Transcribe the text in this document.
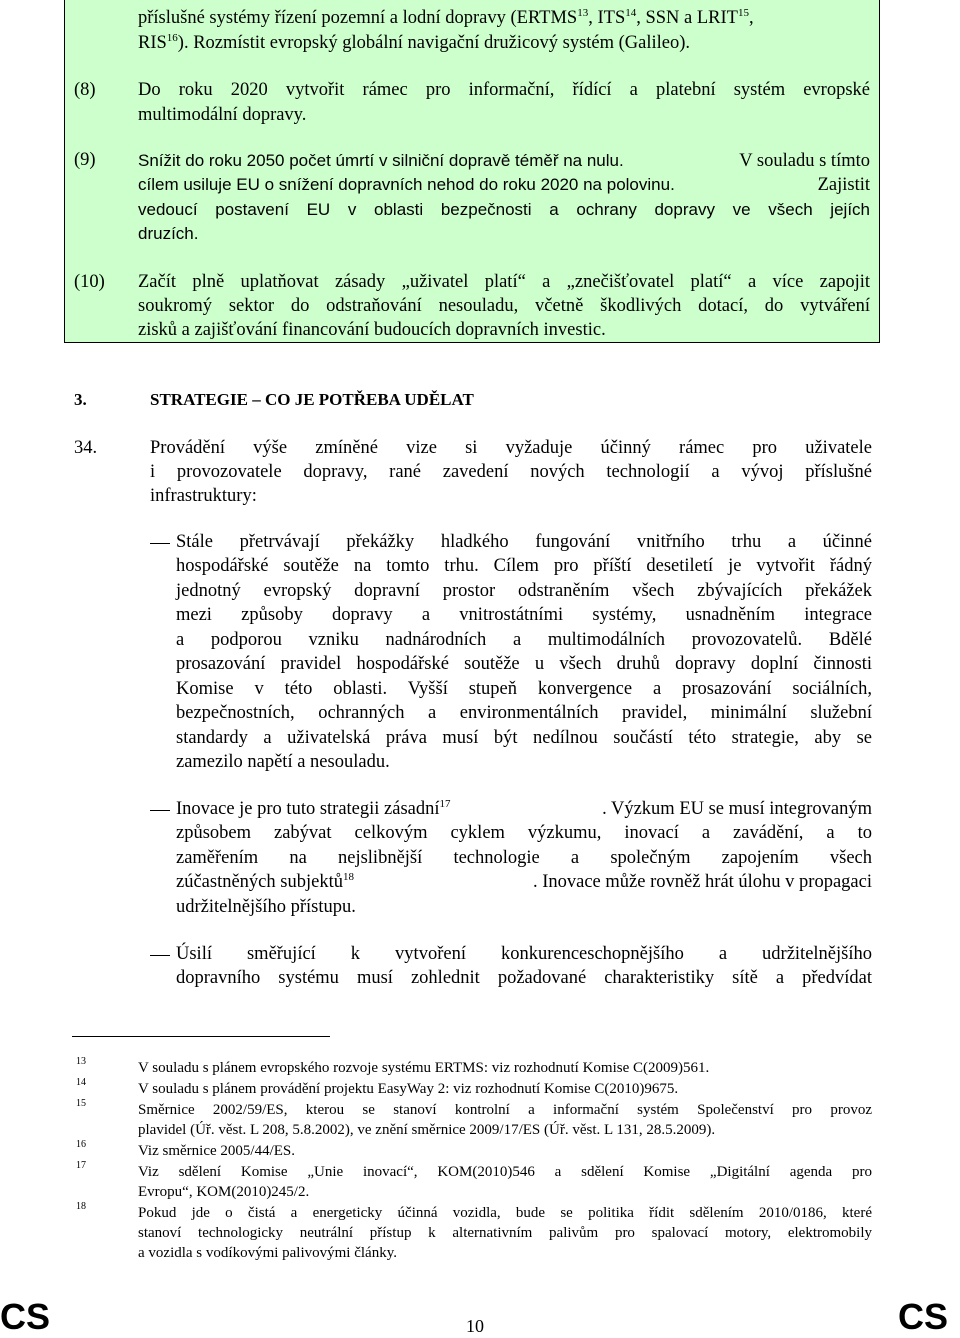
příslušné systémy řízení pozemní a lodní dopravy (ERTMS$^{13}$, ITS$^{14}$, SSN a LRIT$^{15}$,
RIS$^{16}$). Rozmístit evropský globální navigační družicový systém (Galileo).
(8) Do roku 2020 vytvořit rámec pro informační, řídící a platební systém evropské
multimodální dopravy.
(9) Snížit do roku 2050 počet úmrtí v silniční dopravě téměř na nulu.	V souladu s tímto
cílem usiluje EU o snížení dopravních nehod do roku 2020 na polovinu.	Zajistit
vedoucí postavení EU v oblasti bezpečnosti a ochrany dopravy ve všech jejích
druzích.
(10) Začít plně uplatňovat zásady „uživatel platí“ a „znečišťovatel platí“ a více zapojit
soukromý sektor do odstraňování nesouladu, včetně škodlivých dotací, do vytváření
zisků a zajišťování financování budoucích dopravních investic.
3.	STRATEGIE – CO JE POTŘEBA UDĚLAT
34.	Provádění výše zmíněné vize si vyžaduje účinný rámec pro uživatele
i provozovatele dopravy, rané zavedení nových technologií a vývoj příslušné
infrastruktury:
Stále přetrvávají překážky hladkého fungování vnitřního trhu a účinné
hospodářské soutěže na tomto trhu. Cílem pro příští desetiletí je vytvořit řádný
jednotný evropský dopravní prostor odstraněním všech zbývajících překážek
mezi způsoby dopravy a vnitrostátními systémy, usnadněním integrace
a podporou vzniku nadnárodních a multimodálních provozovatelů. Bdělé
prosazování pravidel hospodářské soutěže u všech druhů dopravy doplní činnosti
Komise v této oblasti. Vyšší stupeň konvergence a prosazování sociálních,
bezpečnostních, ochranných a environmentálních pravidel, minimální služební
standardy a uživatelská práva musí být nedílnou součástí této strategie, aby se
zamezilo napětí a nesouladu.
Inovace je pro tuto strategii zásadní$^{17}$	. Výzkum EU se musí integrovaným
způsobem zabývat celkovým cyklem výzkumu, inovací a zavádění, a to
zaměřením na nejslibnější technologie a společným zapojením všech
zúčastněných subjektů$^{18}$	. Inovace může rovněž hrát úlohu v propagaci
udržitelnějšího přístupu.
Úsilí směřující k vytvoření konkurenceschopnějšího a udržitelnějšího
dopravního systému musí zohlednit požadované charakteristiky sítě a předvídat
13	V souladu s plánem evropského rozvoje systému ERTMS: viz rozhodnutí Komise C(2009)561.
14	V souladu s plánem provádění projektu EasyWay 2: viz rozhodnutí Komise C(2010)9675.
15	Směrnice 2002/59/ES, kterou se stanoví kontrolní a informační systém Společenství pro provoz
plavidel (Úř. věst. L 208, 5.8.2002), ve znění směrnice 2009/17/ES (Úř. věst. L 131, 28.5.2009).
16	Viz směrnice 2005/44/ES.
17	Viz sdělení Komise „Unie inovací“, KOM(2010)546 a sdělení Komise „Digitální agenda pro
Evropu“, KOM(2010)245/2.
18	Pokud jde o čistá a energeticky účinná vozidla, bude se politika řídit sdělením 2010/0186, které
stanoví technologicky neutrální přístup k alternativním palivům pro spalovací motory, elektromobily
a vozidla s vodíkovými palivovými články.
CS	10	CS
